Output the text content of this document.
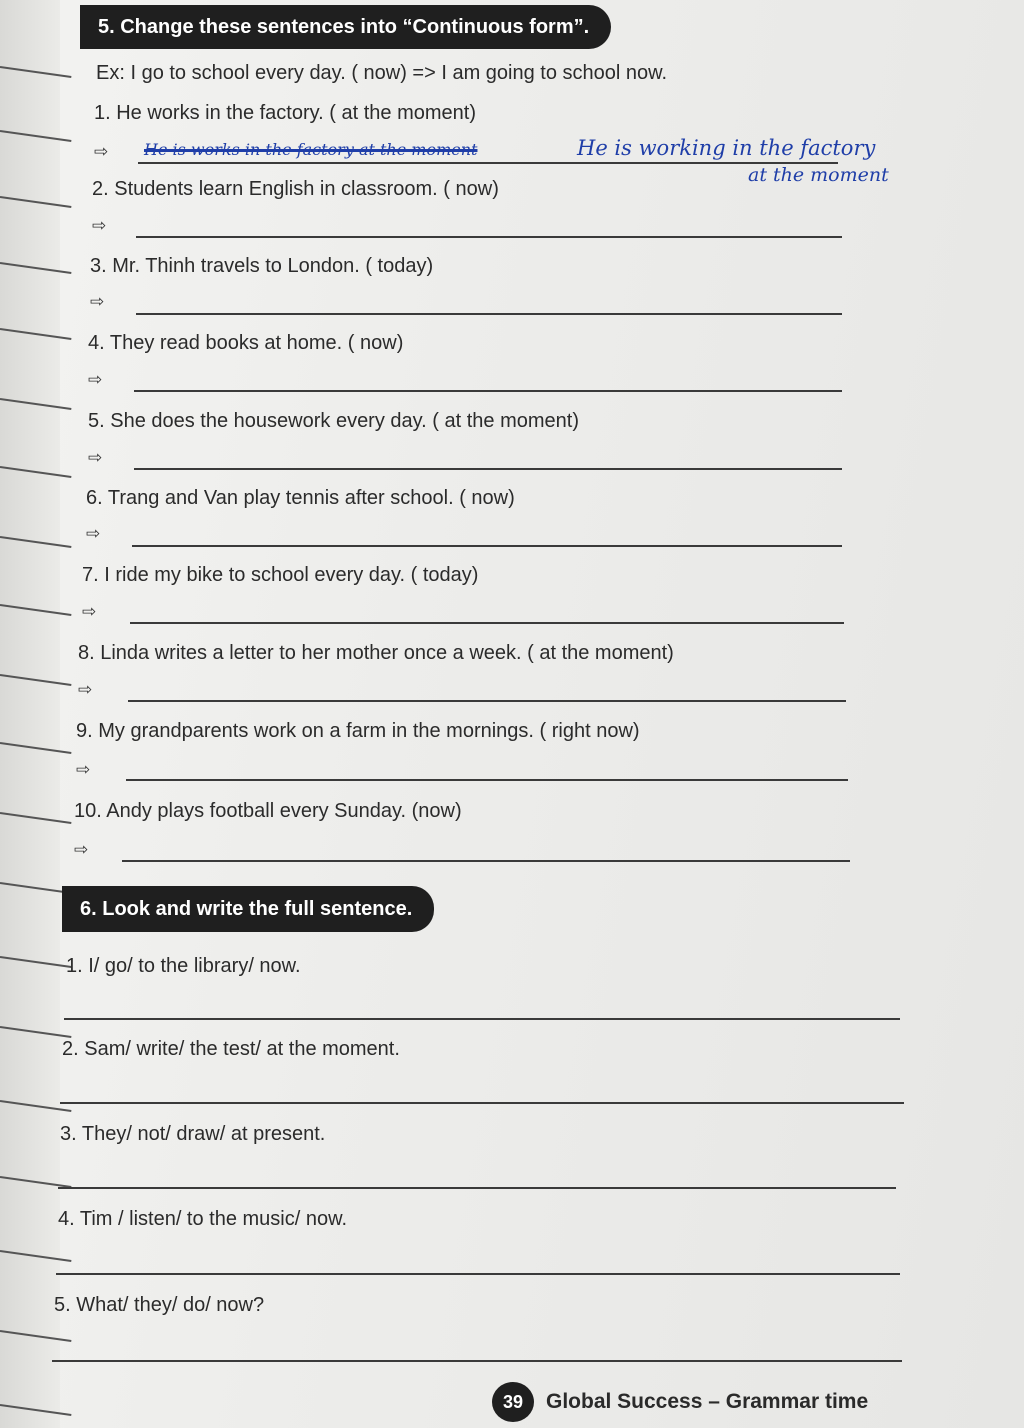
5. Change these sentences into “Continuous form”.
Ex: I go to school every day. ( now) => I am going to school now.
1. He works in the factory. ( at the moment)
⇨ He is works in the factory at the moment	He is working in the factory
at the moment
2. Students learn English in classroom. ( now)
⇨
3. Mr. Thinh travels to London. ( today)
⇨
4. They read books at home. ( now)
⇨
5. She does the housework every day. ( at the moment)
⇨
6. Trang and Van play tennis after school. ( now)
⇨
7. I ride my bike to school every day. ( today)
⇨
8. Linda writes a letter to her mother once a week. ( at the moment)
⇨
9. My grandparents work on a farm in the mornings. ( right now)
⇨
10. Andy plays football every Sunday. (now)
⇨
6. Look and write the full sentence.
1. I/ go/ to the library/ now.
2. Sam/ write/ the test/ at the moment.
3. They/ not/ draw/ at present.
4. Tim / listen/ to the music/ now.
5. What/ they/ do/ now?
39	Global Success – Grammar time
